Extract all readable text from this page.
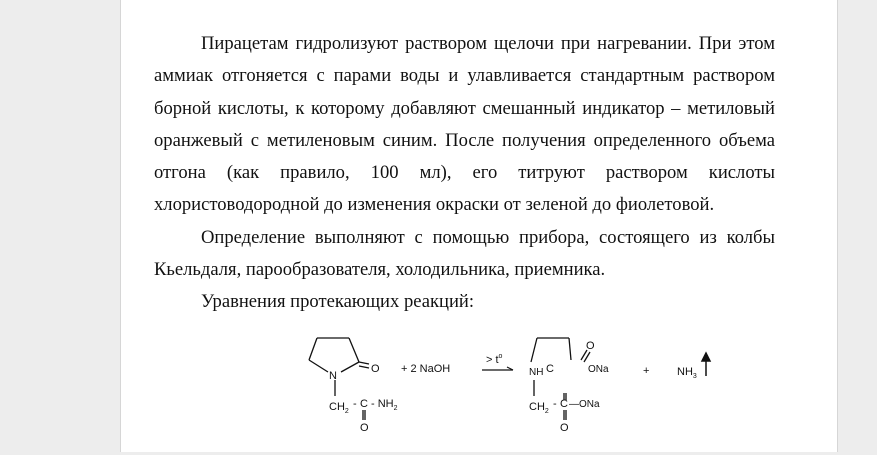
Пирацетам гидролизуют раствором щелочи при нагревании. При этом
аммиак отгоняется с парами воды и улавливается стандартным раствором
борной кислоты, к которому добавляют смешанный индикатор – метиловый
оранжевый с метиленовым синим. После получения определенного объема
отгона (как правило, 100 мл), его титруют раствором кислоты
хлористоводородной до изменения окраски от зеленой до фиолетовой.

Определение выполняют с помощью прибора, состоящего из колбы
Кьельдаля, парообразователя, холодильника, приемника.

Уравнения протекающих реакций:

N
O
$CH_2$
- C - $NH_2$
O
+ 2 NaOH
> $t^o$
NH C
O
ONa
$CH_2$
- C —ONa
O
+	$NH_3$
